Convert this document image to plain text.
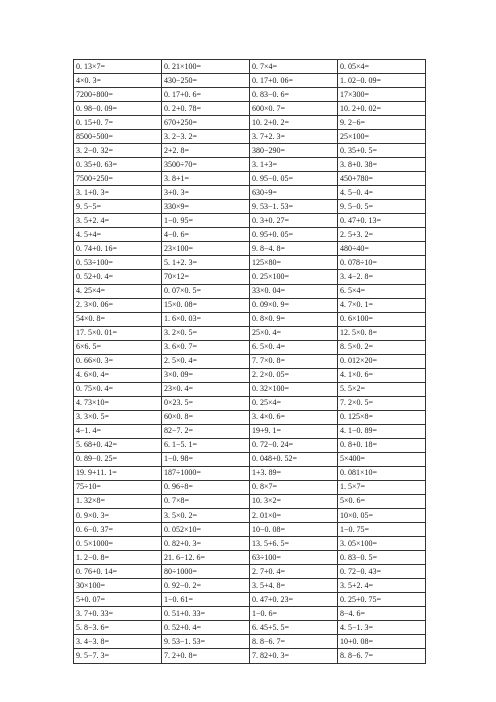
0. 13×7=	0. 21×100=	0. 7×4=	0. 05×4=
4×0. 3=	430−250=	0. 17+0. 06=	1. 02−0. 09=
7200÷800=	0. 17+0. 6=	0. 83−0. 6=	17×300=
0. 98−0. 09=	0. 2+0. 78=	600×0. 7=	10. 2+0. 02=
0. 15+0. 7=	670+250=	10. 2+0. 2=	9. 2−6=
8500÷500=	3. 2−3. 2=	3. 7+2. 3=	25×100=
3. 2−0. 32=	2+2. 8=	380−290=	0. 35+0. 5=
0. 35+0. 63=	3500÷70=	3. 1+3=	3. 8+0. 38=
7500÷250=	3. 8+1=	0. 95−0. 05=	450+780=
3. 1+0. 3=	3+0. 3=	630÷9=	4. 5−0. 4=
9. 5−5=	330×9=	9. 53−1. 53=	9. 5−0. 5=
3. 5+2. 4=	1−0. 95=	0. 3+0. 27=	0. 47+0. 13=
4. 5+4=	4−0. 6=	0. 95+0. 05=	2. 5+3. 2=
0. 74+0. 16=	23×100=	9. 8−4. 8=	480÷40=
0. 53÷100=	5. 1+2. 3=	125×80=	0. 078÷10=
0. 52+0. 4=	70×12=	0. 25×100=	3. 4−2. 8=
4. 25×4=	0. 07×0. 5=	33×0. 04=	6. 5×4=
2. 3×0. 06=	15×0. 08=	0. 09×0. 9=	4. 7×0. 1=
54×0. 8=	1. 6×0. 03=	0. 8×0. 9=	0. 6×100=
17. 5×0. 01=	3. 2×0. 5=	25×0. 4=	12. 5×0. 8=
6×6. 5=	3. 6×0. 7=	6. 5×0. 4=	8. 5×0. 2=
0. 66×0. 3=	2. 5×0. 4=	7. 7×0. 8=	0. 012×20=
4. 6×0. 4=	3×0. 09=	2. 2×0. 05=	4. 1×0. 6=
0. 75×0. 4=	23×0. 4=	0. 32×100=	5. 5×2=
4. 73×10=	0×23. 5=	0. 25×4=	7. 2×0. 5=
3. 3×0. 5=	60×0. 8=	3. 4×0. 6=	0. 125×8=
4−1. 4=	82−7. 2=	19+9. 1=	4. 1−0. 89=
5. 68+0. 42=	6. 1−5. 1=	0. 72−0. 24=	0. 8+0. 18=
0. 89−0. 25=	1−0. 98=	0. 048+0. 52=	5×400=
19. 9+11. 1=	187÷1000=	1+3. 89=	0. 081×10=
75÷10=	0. 96÷8=	0. 8×7=	1. 5×7=
1. 32×8=	0. 7×8=	10. 3×2=	5×0. 6=
0. 9×0. 3=	3. 5×0. 2=	2. 01×0=	10×0. 05=
0. 6−0. 37=	0. 052×10=	10−0. 08=	1−0. 75=
0. 5×1000=	0. 82+0. 3=	13. 5+6. 5=	3. 05×100=
1. 2−0. 8=	21. 6−12. 6=	63÷100=	0. 83−0. 5=
0. 76+0. 14=	80÷1000=	2. 7+0. 4=	0. 72−0. 43=
30×100=	0. 92−0. 2=	3. 5+4. 8=	3. 5+2. 4=
5+0. 07=	1−0. 61=	0. 47+0. 23=	0. 25+0. 75=
3. 7+0. 33=	0. 51+0. 33=	1−0. 6=	8−4. 6=
5. 8−3. 6=	0. 52+0. 4=	6. 45+5. 5=	4. 5−1. 3=
3. 4−3. 8=	9. 53−1. 53=	8. 8−6. 7=	10+0. 08=
9. 5−7. 3=	7. 2+0. 8=	7. 82+0. 3=	8. 8−6. 7=
